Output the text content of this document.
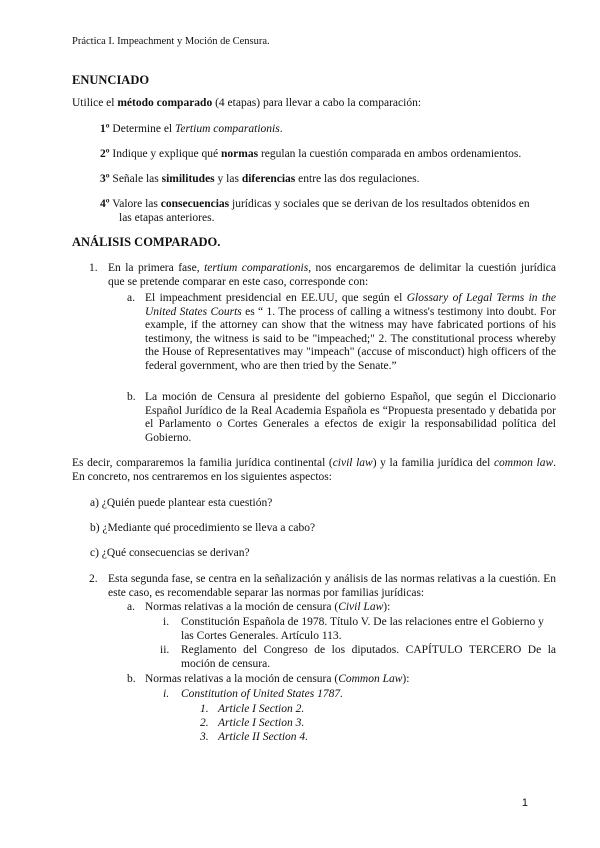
Práctica I. Impeachment y Moción de Censura.
ENUNCIADO
Utilice el método comparado (4 etapas) para llevar a cabo la comparación:
1º Determine el Tertium comparationis.
2º Indique y explique qué normas regulan la cuestión comparada en ambos ordenamientos.
3º Señale las similitudes y las diferencias entre las dos regulaciones.
4º Valore las consecuencias jurídicas y sociales que se derivan de los resultados obtenidos en
las etapas anteriores.
ANÁLISIS COMPARADO.
1. En la primera fase, tertium comparationis, nos encargaremos de delimitar la cuestión jurídica que se pretende comparar en este caso, corresponde con:
a. El impeachment presidencial en EE.UU, que según el Glossary of Legal Terms in the United States Courts es “ 1. The process of calling a witness's testimony into doubt. For example, if the attorney can show that the witness may have fabricated portions of his testimony, the witness is said to be "impeached;" 2. The constitutional process whereby the House of Representatives may "impeach" (accuse of misconduct) high officers of the federal government, who are then tried by the Senate.”
b. La moción de Censura al presidente del gobierno Español, que según el Diccionario Español Jurídico de la Real Academia Española es “Propuesta presentado y debatida por el Parlamento o Cortes Generales a efectos de exigir la responsabilidad política del Gobierno.
Es decir, compararemos la familia jurídica continental (civil law) y la familia jurídica del common law. En concreto, nos centraremos en los siguientes aspectos:
a) ¿Quién puede plantear esta cuestión?
b) ¿Mediante qué procedimiento se lleva a cabo?
c) ¿Qué consecuencias se derivan?
2. Esta segunda fase, se centra en la señalización y análisis de las normas relativas a la cuestión. En este caso, es recomendable separar las normas por familias jurídicas:
a. Normas relativas a la moción de censura (Civil Law):
i. Constitución Española de 1978. Título V. De las relaciones entre el Gobierno y las Cortes Generales. Artículo 113.
ii. Reglamento del Congreso de los diputados. CAPÍTULO TERCERO De la moción de censura.
b. Normas relativas a la moción de censura (Common Law):
i. Constitution of United States 1787.
1. Article I Section 2.
2. Article I Section 3.
3. Article II Section 4.
1
